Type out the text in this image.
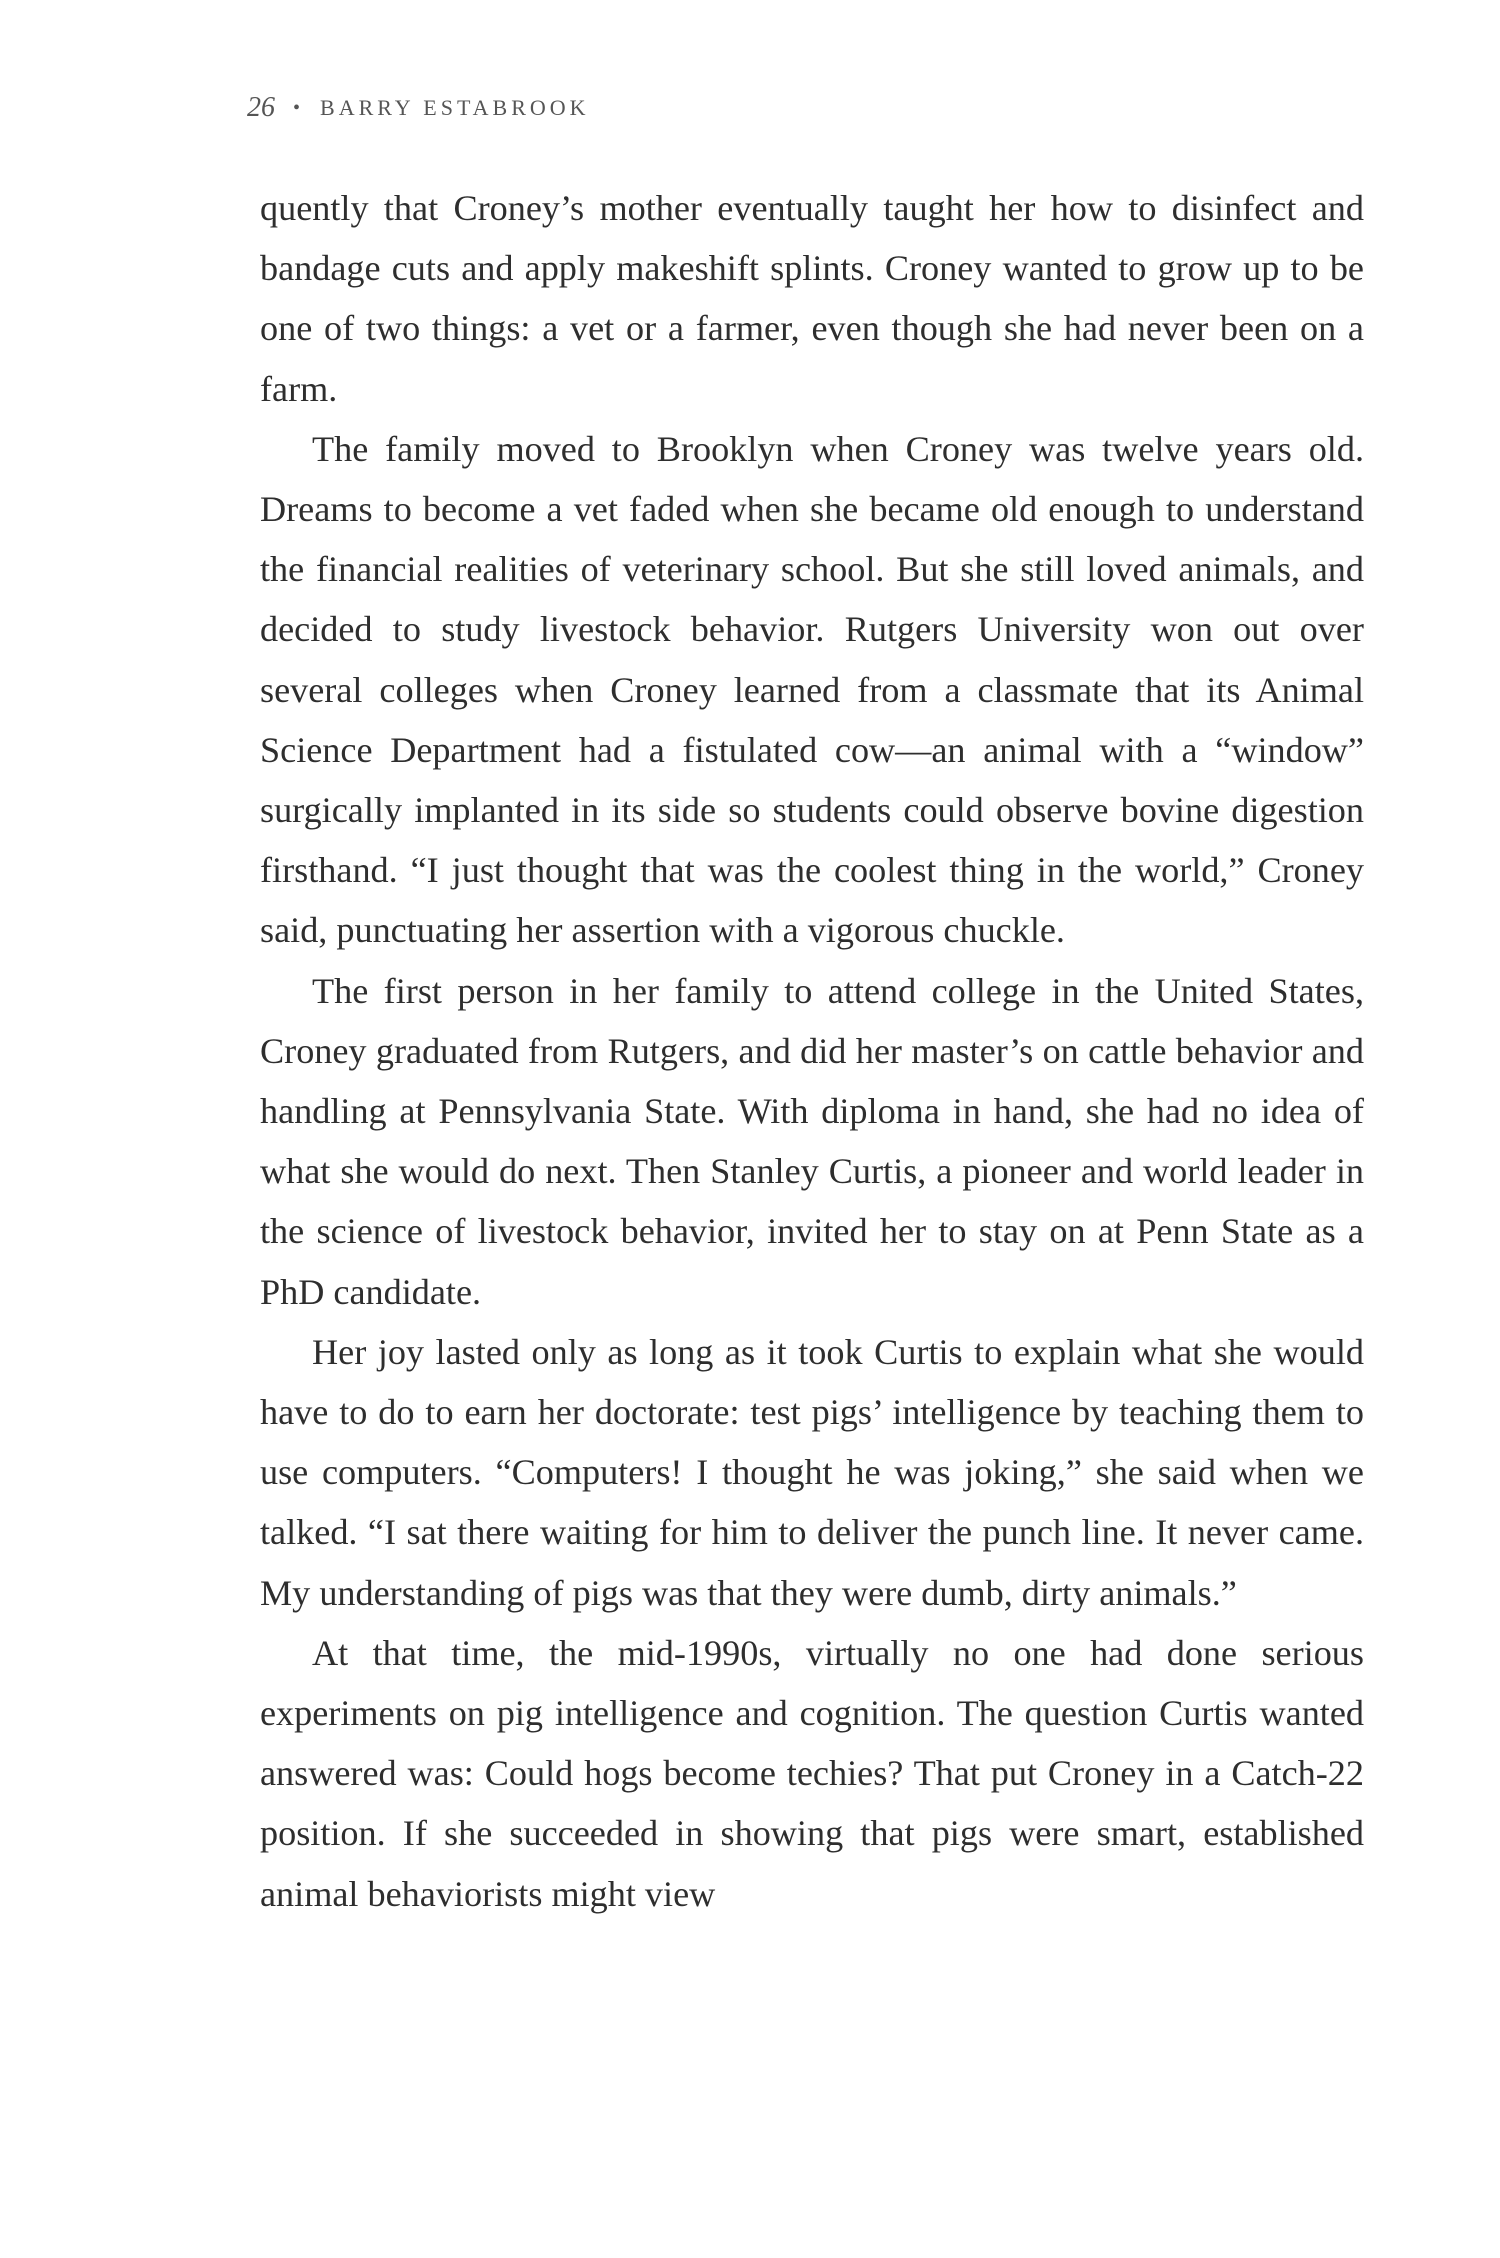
26 • BARRY ESTABROOK

quently that Croney’s mother eventually taught her how to disinfect and bandage cuts and apply makeshift splints. Croney wanted to grow up to be one of two things: a vet or a farmer, even though she had never been on a farm.

The family moved to Brooklyn when Croney was twelve years old. Dreams to become a vet faded when she became old enough to understand the financial realities of veterinary school. But she still loved animals, and decided to study livestock behavior. Rutgers University won out over several colleges when Croney learned from a classmate that its Animal Science Department had a fistulated cow—an animal with a “window” surgically implanted in its side so students could observe bovine digestion firsthand. “I just thought that was the coolest thing in the world,” Croney said, punctuating her assertion with a vigorous chuckle.

The first person in her family to attend college in the United States, Croney graduated from Rutgers, and did her master’s on cattle behavior and handling at Pennsylvania State. With diploma in hand, she had no idea of what she would do next. Then Stanley Curtis, a pioneer and world leader in the science of livestock behavior, invited her to stay on at Penn State as a PhD candidate.

Her joy lasted only as long as it took Curtis to explain what she would have to do to earn her doctorate: test pigs’ intelligence by teaching them to use computers. “Computers! I thought he was joking,” she said when we talked. “I sat there waiting for him to deliver the punch line. It never came. My understanding of pigs was that they were dumb, dirty animals.”

At that time, the mid-1990s, virtually no one had done serious experiments on pig intelligence and cognition. The question Curtis wanted answered was: Could hogs become techies? That put Croney in a Catch-22 position. If she succeeded in showing that pigs were smart, established animal behaviorists might view
